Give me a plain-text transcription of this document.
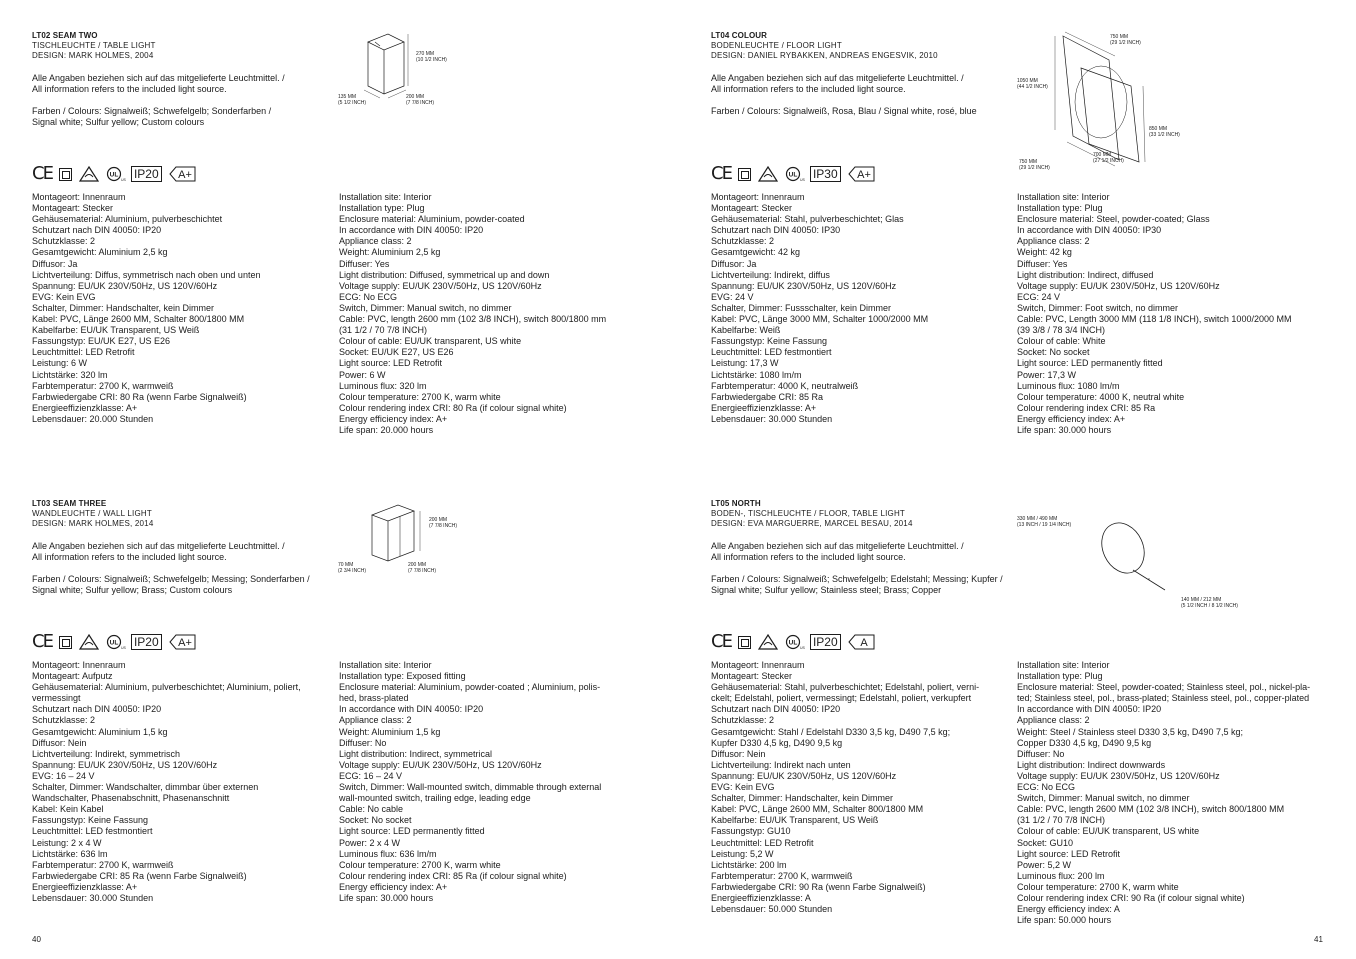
LT02 SEAM TWO
TISCHLEUCHTE / TABLE LIGHT
DESIGN: MARK HOLMES, 2004

Alle Angaben beziehen sich auf das mitgelieferte Leuchtmittel. /
All information refers to the included light source.

Farben / Colours: Signalweiß; Schwefelgelb; Sonderfarben /
Signal white; Sulfur yellow; Custom colours

270 MM
(10 1/2 INCH)
135 MM
(5 1/2 INCH)
200 MM
(7 7/8 INCH)
CE	UL
US IP20 A+
Montageort: Innenraum
Montageart: Stecker
Gehäusematerial: Aluminium, pulverbeschichtet
Schutzart nach DIN 40050: IP20
Schutzklasse: 2
Gesamtgewicht: Aluminium 2,5 kg
Diffusor: Ja
Lichtverteilung: Diffus, symmetrisch nach oben und unten
Spannung: EU/UK 230V/50Hz, US 120V/60Hz
EVG: Kein EVG
Schalter, Dimmer: Handschalter, kein Dimmer
Kabel: PVC, Länge 2600 MM, Schalter 800/1800 MM
Kabelfarbe: EU/UK Transparent, US Weiß
Fassungstyp: EU/UK E27, US E26
Leuchtmittel: LED Retrofit
Leistung: 6 W
Lichtstärke: 320 lm
Farbtemperatur: 2700 K, warmweiß
Farbwiedergabe CRI: 80 Ra (wenn Farbe Signalweiß)
Energieeffizienzklasse: A+
Lebensdauer: 20.000 Stunden
Installation site: Interior
Installation type: Plug
Enclosure material: Aluminium, powder-coated
In accordance with DIN 40050: IP20
Appliance class: 2
Weight: Aluminium 2,5 kg
Diffuser: Yes
Light distribution: Diffused, symmetrical up and down
Voltage supply: EU/UK 230V/50Hz, US 120V/60Hz
ECG: No ECG
Switch, Dimmer: Manual switch, no dimmer
Cable: PVC, length 2600 mm (102 3/8 INCH), switch 800/1800 mm
(31 1/2 / 70 7/8 INCH)
Colour of cable: EU/UK transparent, US white
Socket: EU/UK E27, US E26
Light source: LED Retrofit
Power: 6 W
Luminous flux: 320 lm
Colour temperature: 2700 K, warm white
Colour rendering index CRI: 80 Ra (if colour signal white)
Energy efficiency index: A+
Life span: 20.000 hours
LT04 COLOUR
BODENLEUCHTE / FLOOR LIGHT
DESIGN: DANIEL RYBAKKEN, ANDREAS ENGESVIK, 2010

Alle Angaben beziehen sich auf das mitgelieferte Leuchtmittel. /
All information refers to the included light source.

Farben / Colours: Signalweiß, Rosa, Blau / Signal white, rosé, blue

750 MM
(29 1/2 INCH)
1050 MM
(44 1/2 INCH)
850 MM
(33 1/2 INCH)
700 MM
(27 1/2 INCH)
750 MM
(29 1/2 INCH)
CE	UL
US IP30 A+
Montageort: Innenraum
Montageart: Stecker
Gehäusematerial: Stahl, pulverbeschichtet; Glas
Schutzart nach DIN 40050: IP30
Schutzklasse: 2
Gesamtgewicht: 42 kg
Diffusor: Ja
Lichtverteilung: Indirekt, diffus
Spannung: EU/UK 230V/50Hz, US 120V/60Hz
EVG: 24 V
Schalter, Dimmer: Fussschalter, kein Dimmer
Kabel: PVC, Länge 3000 MM, Schalter 1000/2000 MM
Kabelfarbe: Weiß
Fassungstyp: Keine Fassung
Leuchtmittel: LED festmontiert
Leistung: 17,3 W
Lichtstärke: 1080 lm/m
Farbtemperatur: 4000 K, neutralweiß
Farbwiedergabe CRI: 85 Ra
Energieeffizienzklasse: A+
Lebensdauer: 30.000 Stunden
Installation site: Interior
Installation type: Plug
Enclosure material: Steel, powder-coated; Glass
In accordance with DIN 40050: IP30
Appliance class: 2
Weight: 42 kg
Diffuser: Yes
Light distribution: Indirect, diffused
Voltage supply: EU/UK 230V/50Hz, US 120V/60Hz
ECG: 24 V
Switch, Dimmer: Foot switch, no dimmer
Cable: PVC, Length 3000 MM (118 1/8 INCH), switch 1000/2000 MM
(39 3/8 / 78 3/4 INCH)
Colour of cable: White
Socket: No socket
Light source: LED permanently fitted
Power: 17,3 W
Luminous flux: 1080 lm/m
Colour temperature: 4000 K, neutral white
Colour rendering index CRI: 85 Ra
Energy efficiency index: A+
Life span: 30.000 hours
LT03 SEAM THREE
WANDLEUCHTE / WALL LIGHT
DESIGN: MARK HOLMES, 2014

Alle Angaben beziehen sich auf das mitgelieferte Leuchtmittel. /
All information refers to the included light source.

Farben / Colours: Signalweiß; Schwefelgelb; Messing; Sonderfarben /
Signal white; Sulfur yellow; Brass; Custom colours

200 MM
(7 7/8 INCH)
70 MM
(2 3/4 INCH)
200 MM
(7 7/8 INCH)
CE	UL
US IP20 A+
Montageort: Innenraum
Montageart: Aufputz
Gehäusematerial: Aluminium, pulverbeschichtet; Aluminium, poliert,
vermessingt
Schutzart nach DIN 40050: IP20
Schutzklasse: 2
Gesamtgewicht: Aluminium 1,5 kg
Diffusor: Nein
Lichtverteilung: Indirekt, symmetrisch
Spannung: EU/UK 230V/50Hz, US 120V/60Hz
EVG: 16 – 24 V
Schalter, Dimmer: Wandschalter, dimmbar über externen
Wandschalter, Phasenabschnitt, Phasenanschnitt
Kabel: Kein Kabel
Fassungstyp: Keine Fassung
Leuchtmittel: LED festmontiert
Leistung: 2 x 4 W
Lichtstärke: 636 lm
Farbtemperatur: 2700 K, warmweiß
Farbwiedergabe CRI: 85 Ra (wenn Farbe Signalweiß)
Energieeffizienzklasse: A+
Lebensdauer: 30.000 Stunden
Installation site: Interior
Installation type: Exposed fitting
Enclosure material: Aluminium, powder-coated ; Aluminium, polis-
hed, brass-plated
In accordance with DIN 40050: IP20
Appliance class: 2
Weight: Aluminium 1,5 kg
Diffuser: No
Light distribution: Indirect, symmetrical
Voltage supply: EU/UK 230V/50Hz, US 120V/60Hz
ECG: 16 – 24 V
Switch, Dimmer: Wall-mounted switch, dimmable through external
wall-mounted switch, trailing edge, leading edge
Cable: No cable
Socket: No socket
Light source: LED permanently fitted
Power: 2 x 4 W
Luminous flux: 636 lm/m
Colour temperature: 2700 K, warm white
Colour rendering index CRI: 85 Ra (if colour signal white)
Energy efficiency index: A+
Life span: 30.000 hours
LT05 NORTH
BODEN-, TISCHLEUCHTE / FLOOR, TABLE LIGHT
DESIGN: EVA MARGUERRE, MARCEL BESAU, 2014

Alle Angaben beziehen sich auf das mitgelieferte Leuchtmittel. /
All information refers to the included light source.

Farben / Colours: Signalweiß; Schwefelgelb; Edelstahl; Messing; Kupfer /
Signal white; Sulfur yellow; Stainless steel; Brass; Copper

330 MM / 490 MM
(13 INCH / 19 1/4 INCH)
140 MM / 212 MM
(5 1/2 INCH / 8 1/2 INCH)
CE	UL
US IP20 A
Montageort: Innenraum
Montageart: Stecker
Gehäusematerial: Stahl, pulverbeschichtet; Edelstahl, poliert, verni-
ckelt; Edelstahl, poliert, vermessingt; Edelstahl, poliert, verkupfert
Schutzart nach DIN 40050: IP20
Schutzklasse: 2
Gesamtgewicht: Stahl / Edelstahl D330 3,5 kg, D490 7,5 kg;
Kupfer D330 4,5 kg, D490 9,5 kg
Diffusor: Nein
Lichtverteilung: Indirekt nach unten
Spannung: EU/UK 230V/50Hz, US 120V/60Hz
EVG: Kein EVG
Schalter, Dimmer: Handschalter, kein Dimmer
Kabel: PVC, Länge 2600 MM, Schalter 800/1800 MM
Kabelfarbe: EU/UK Transparent, US Weiß
Fassungstyp: GU10
Leuchtmittel: LED Retrofit
Leistung: 5,2 W
Lichtstärke: 200 lm
Farbtemperatur: 2700 K, warmweiß
Farbwiedergabe CRI: 90 Ra (wenn Farbe Signalweiß)
Energieeffizienzklasse: A
Lebensdauer: 50.000 Stunden
Installation site: Interior
Installation type: Plug
Enclosure material: Steel, powder-coated; Stainless steel, pol., nickel-pla-
ted; Stainless steel, pol., brass-plated; Stainless steel, pol., copper-plated
In accordance with DIN 40050: IP20
Appliance class: 2
Weight: Steel / Stainless steel D330 3,5 kg, D490 7,5 kg;
Copper D330 4,5 kg, D490 9,5 kg
Diffuser: No
Light distribution: Indirect downwards
Voltage supply: EU/UK 230V/50Hz, US 120V/60Hz
ECG: No ECG
Switch, Dimmer: Manual switch, no dimmer
Cable: PVC, length 2600 MM (102 3/8 INCH), switch 800/1800 MM
(31 1/2 / 70 7/8 INCH)
Colour of cable: EU/UK transparent, US white
Socket: GU10
Light source: LED Retrofit
Power: 5,2 W
Luminous flux: 200 lm
Colour temperature: 2700 K, warm white
Colour rendering index CRI: 90 Ra (if colour signal white)
Energy efficiency index: A
Life span: 50.000 hours
40	41
